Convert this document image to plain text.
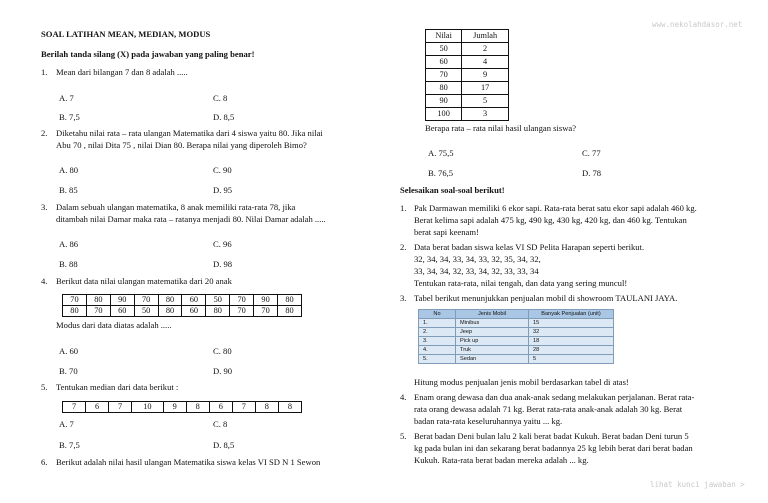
www.nekolahdasor.net
SOAL LATIHAN MEAN, MEDIAN, MODUS
Berilah tanda silang (X) pada jawaban yang paling benar!
1. Mean dari bilangan 7 dan 8 adalah .....
A. 7	C. 8
B. 7,5	D. 8,5
2. Diketahu nilai rata – rata ulangan Matematika dari 4 siswa yaitu 80. Jika nilai
Abu 70 , nilai Dita 75 , nilai Dian 80. Berapa nilai yang diperoleh Bimo?
A. 80	C. 90
B. 85	D. 95
3. Dalam sebuah ulangan matematika, 8 anak memiliki rata-rata 78, jika
ditambah nilai Damar maka rata – ratanya menjadi 80. Nilai Damar adalah .....
A. 86	C. 96
B. 88	D. 98
4. Berikut data nilai ulangan matematika dari 20 anak
70	80	90	70	80	60	50	70	90	80
80	70	60	50	80	60	80	70	70	80
Modus dari data diatas adalah .....
A. 60	C. 80
B. 70	D. 90
5. Tentukan median dari data berikut :
7	6	7	10	9	8	6	7	8	8
A. 7	C. 8
B. 7,5	D. 8,5
6. Berikut adalah nilai hasil ulangan Matematika siswa kelas VI SD N 1 Sewon
Nilai	Jumlah
50	2
60	4
70	9
80	17
90	5
100	3
Berapa rata – rata nilai hasil ulangan siswa?
A. 75,5	C. 77
B. 76,5	D. 78
Selesaikan soal-soal berikut!
1. Pak Darmawan memiliki 6 ekor sapi. Rata-rata berat satu ekor sapi adalah 460 kg.
Berat kelima sapi adalah 475 kg, 490 kg, 430 kg, 420 kg, dan 460 kg. Tentukan
berat sapi keenam!
2. Data berat badan siswa kelas VI SD Pelita Harapan seperti berikut.
32, 34, 34, 33, 34, 33, 32, 35, 34, 32,
33, 34, 34, 32, 33, 34, 32, 33, 33, 34
Tentukan rata-rata, nilai tengah, dan data yang sering muncul!
3. Tabel berikut menunjukkan penjualan mobil di showroom TAULANI JAYA.
No	Jenis Mobil	Banyak Penjualan (unit)
1.	Minibus	15
2.	Jeep	32
3.	Pick up	18
4.	Truk	28
5.	Sedan	5
Hitung modus penjualan jenis mobil berdasarkan tabel di atas!
4. Enam orang dewasa dan dua anak-anak sedang melakukan perjalanan. Berat rata-
rata orang dewasa adalah 71 kg. Berat rata-rata anak-anak adalah 30 kg. Berat
badan rata-rata keseluruhannya yaitu ... kg.
5. Berat badan Deni bulan lalu 2 kali berat badat Kukuh. Berat badan Deni turun 5
kg pada bulan ini dan sekarang berat badannya 25 kg lebih berat dari berat badan
Kukuh. Rata-rata berat badan mereka adalah ... kg.
lihat kunci jawaban >
